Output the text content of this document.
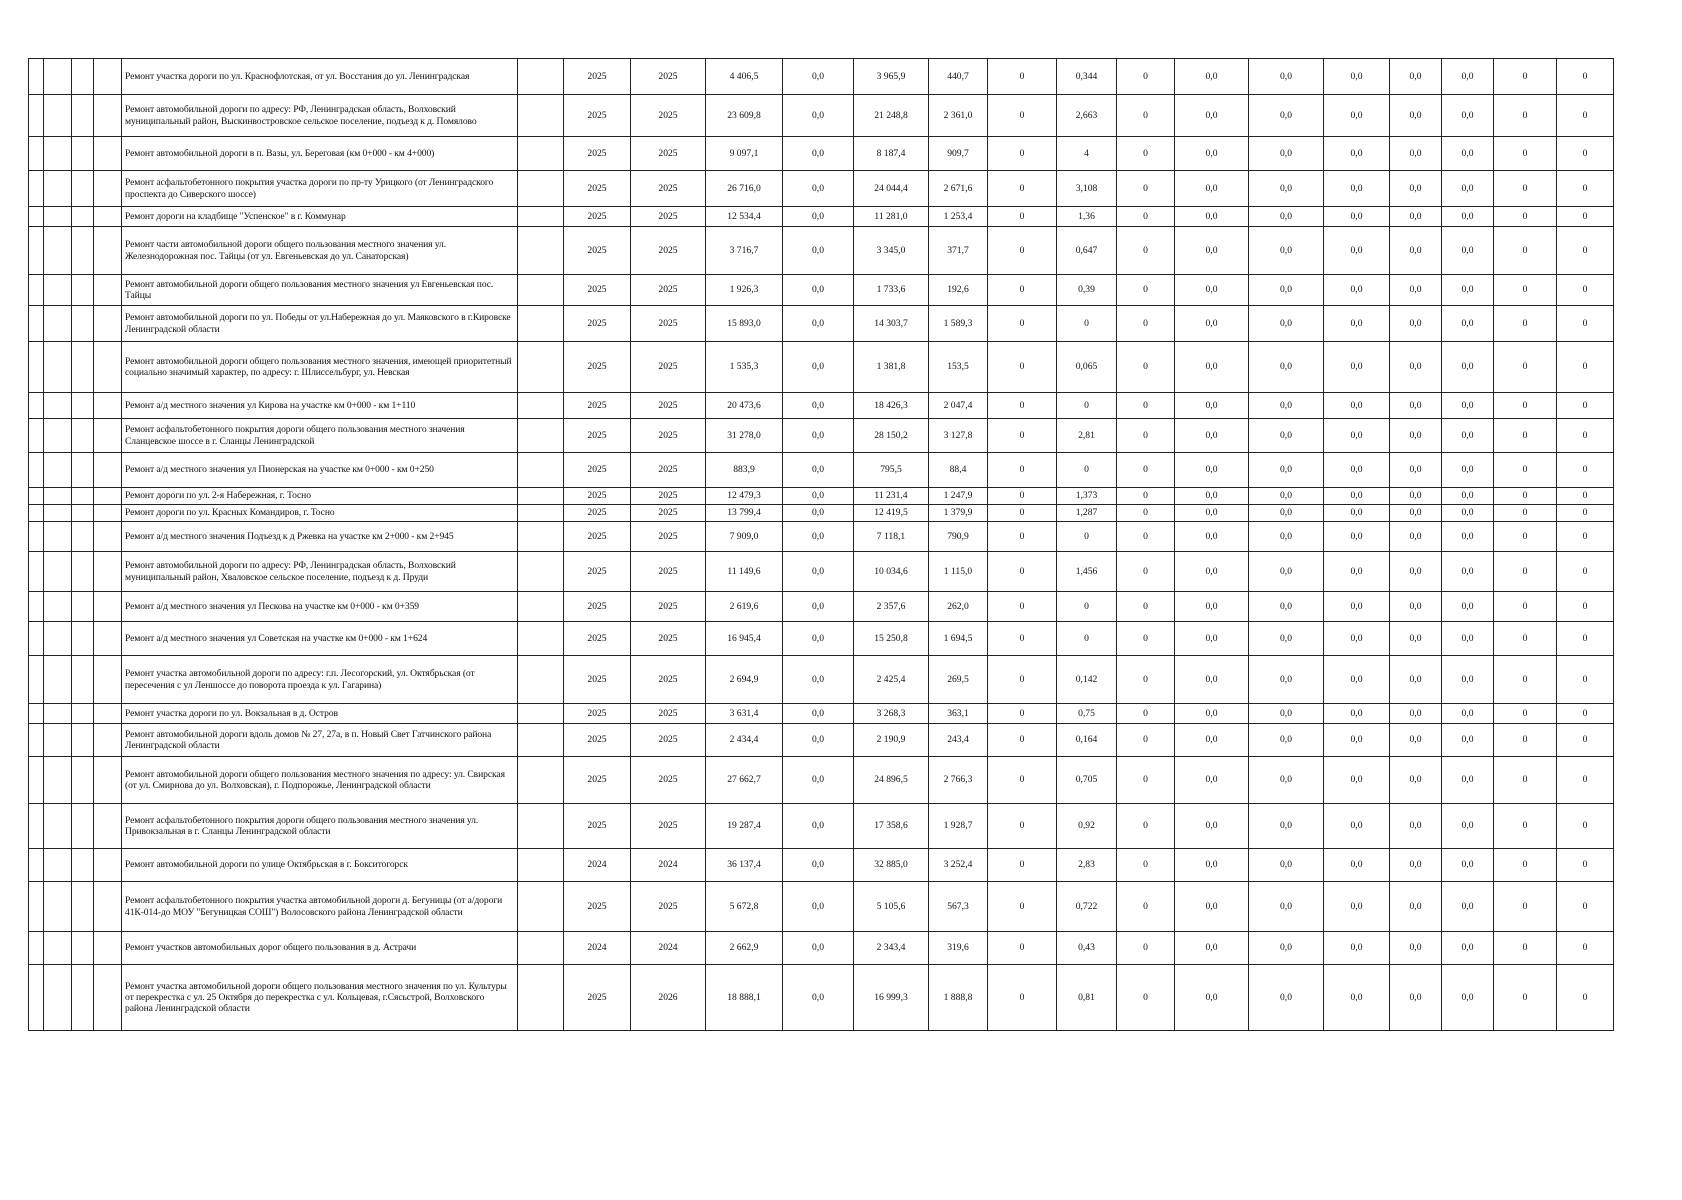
				Ремонт участка дороги по ул. Краснофлотская, от ул. Восстания до ул. Ленинградская		2025	2025	4 406,5	0,0	3 965,9	440,7	0	0,344	0	0,0	0,0	0,0	0,0	0,0	0	0
				Ремонт автомобильной дороги по адресу: РФ, Ленинградская область, Волховский муниципальный район, Выскинвостровское сельское поселение, подъезд к д. Помялово		2025	2025	23 609,8	0,0	21 248,8	2 361,0	0	2,663	0	0,0	0,0	0,0	0,0	0,0	0	0
				Ремонт автомобильной дороги в п. Вазы, ул. Береговая (км 0+000 - км 4+000)		2025	2025	9 097,1	0,0	8 187,4	909,7	0	4	0	0,0	0,0	0,0	0,0	0,0	0	0
				Ремонт асфальтобетонного покрытия участка дороги по пр-ту Урицкого (от Ленинградского проспекта до Сиверского шоссе)		2025	2025	26 716,0	0,0	24 044,4	2 671,6	0	3,108	0	0,0	0,0	0,0	0,0	0,0	0	0
				Ремонт дороги на кладбище "Успенское" в г. Коммунар		2025	2025	12 534,4	0,0	11 281,0	1 253,4	0	1,36	0	0,0	0,0	0,0	0,0	0,0	0	0
				Ремонт части автомобильной дороги общего пользования местного значения ул. Железнодорожная пос. Тайцы (от ул. Евгеньевская до ул. Санаторская)		2025	2025	3 716,7	0,0	3 345,0	371,7	0	0,647	0	0,0	0,0	0,0	0,0	0,0	0	0
				Ремонт автомобильной дороги общего пользования местного значения ул Евгеньевская пос. Тайцы		2025	2025	1 926,3	0,0	1 733,6	192,6	0	0,39	0	0,0	0,0	0,0	0,0	0,0	0	0
				Ремонт автомобильной дороги по ул. Победы от ул.Набережная до ул. Маяковского в г.Кировске Ленинградской области		2025	2025	15 893,0	0,0	14 303,7	1 589,3	0	0	0	0,0	0,0	0,0	0,0	0,0	0	0
				Ремонт автомобильной дороги общего пользования местного значения, имеющей приоритетный социально значимый характер, по адресу: г. Шлиссельбург, ул. Невская		2025	2025	1 535,3	0,0	1 381,8	153,5	0	0,065	0	0,0	0,0	0,0	0,0	0,0	0	0
				Ремонт а/д местного значения ул Кирова на участке км 0+000 - км 1+110		2025	2025	20 473,6	0,0	18 426,3	2 047,4	0	0	0	0,0	0,0	0,0	0,0	0,0	0	0
				Ремонт асфальтобетонного покрытия дороги общего пользования местного значения Сланцевское шоссе в г. Сланцы Ленинградской		2025	2025	31 278,0	0,0	28 150,2	3 127,8	0	2,81	0	0,0	0,0	0,0	0,0	0,0	0	0
				Ремонт а/д местного значения ул Пионерская на участке км 0+000 - км 0+250		2025	2025	883,9	0,0	795,5	88,4	0	0	0	0,0	0,0	0,0	0,0	0,0	0	0
				Ремонт дороги по ул. 2-я Набережная, г. Тосно		2025	2025	12 479,3	0,0	11 231,4	1 247,9	0	1,373	0	0,0	0,0	0,0	0,0	0,0	0	0
				Ремонт дороги по ул. Красных Командиров, г. Тосно		2025	2025	13 799,4	0,0	12 419,5	1 379,9	0	1,287	0	0,0	0,0	0,0	0,0	0,0	0	0
				Ремонт а/д местного значения Подъезд к д Ржевка на участке км 2+000 - км 2+945		2025	2025	7 909,0	0,0	7 118,1	790,9	0	0	0	0,0	0,0	0,0	0,0	0,0	0	0
				Ремонт автомобильной дороги по адресу: РФ, Ленинградская область, Волховский муниципальный район, Хваловское сельское поселение, подъезд к д. Пруди		2025	2025	11 149,6	0,0	10 034,6	1 115,0	0	1,456	0	0,0	0,0	0,0	0,0	0,0	0	0
				Ремонт а/д местного значения ул Пескова на участке км 0+000 - км 0+359		2025	2025	2 619,6	0,0	2 357,6	262,0	0	0	0	0,0	0,0	0,0	0,0	0,0	0	0
				Ремонт а/д местного значения ул Советская на участке км 0+000 - км 1+624		2025	2025	16 945,4	0,0	15 250,8	1 694,5	0	0	0	0,0	0,0	0,0	0,0	0,0	0	0
				Ремонт участка автомобильной дороги по адресу: г.п. Лесогорский, ул. Октябрьская (от пересечения с ул Леншоссе до поворота проезда к ул. Гагарина)		2025	2025	2 694,9	0,0	2 425,4	269,5	0	0,142	0	0,0	0,0	0,0	0,0	0,0	0	0
				Ремонт участка дороги по ул. Вокзальная в д. Остров		2025	2025	3 631,4	0,0	3 268,3	363,1	0	0,75	0	0,0	0,0	0,0	0,0	0,0	0	0
				Ремонт автомобильной дороги вдоль домов № 27, 27а, в п. Новый Свет Гатчинского района Ленинградской области		2025	2025	2 434,4	0,0	2 190,9	243,4	0	0,164	0	0,0	0,0	0,0	0,0	0,0	0	0
				Ремонт автомобильной дороги общего пользования местного значения по адресу: ул. Свирская (от ул. Смирнова до ул. Волховская), г. Подпорожье, Ленинградской области		2025	2025	27 662,7	0,0	24 896,5	2 766,3	0	0,705	0	0,0	0,0	0,0	0,0	0,0	0	0
				Ремонт асфальтобетонного покрытия дороги общего пользования местного значения ул. Привокзальная в г. Сланцы Ленинградской области		2025	2025	19 287,4	0,0	17 358,6	1 928,7	0	0,92	0	0,0	0,0	0,0	0,0	0,0	0	0
				Ремонт автомобильной дороги по улице Октябрьская в г. Бокситогорск		2024	2024	36 137,4	0,0	32 885,0	3 252,4	0	2,83	0	0,0	0,0	0,0	0,0	0,0	0	0
				Ремонт асфальтобетонного покрытия участка автомобильной дороги д. Бегуницы (от а/дороги 41К-014-до МОУ "Бегуницкая СОШ") Волосовского района Ленинградской области		2025	2025	5 672,8	0,0	5 105,6	567,3	0	0,722	0	0,0	0,0	0,0	0,0	0,0	0	0
				Ремонт участков автомобильных дорог общего пользования в д. Астрачи		2024	2024	2 662,9	0,0	2 343,4	319,6	0	0,43	0	0,0	0,0	0,0	0,0	0,0	0	0
				Ремонт участка автомобильной дороги общего пользования местного значения по ул. Культуры от перекрестка с ул. 25 Октября до перекрестка с ул. Кольцевая, г.Сясьстрой, Волховского района Ленинградской области		2025	2026	18 888,1	0,0	16 999,3	1 888,8	0	0,81	0	0,0	0,0	0,0	0,0	0,0	0	0
